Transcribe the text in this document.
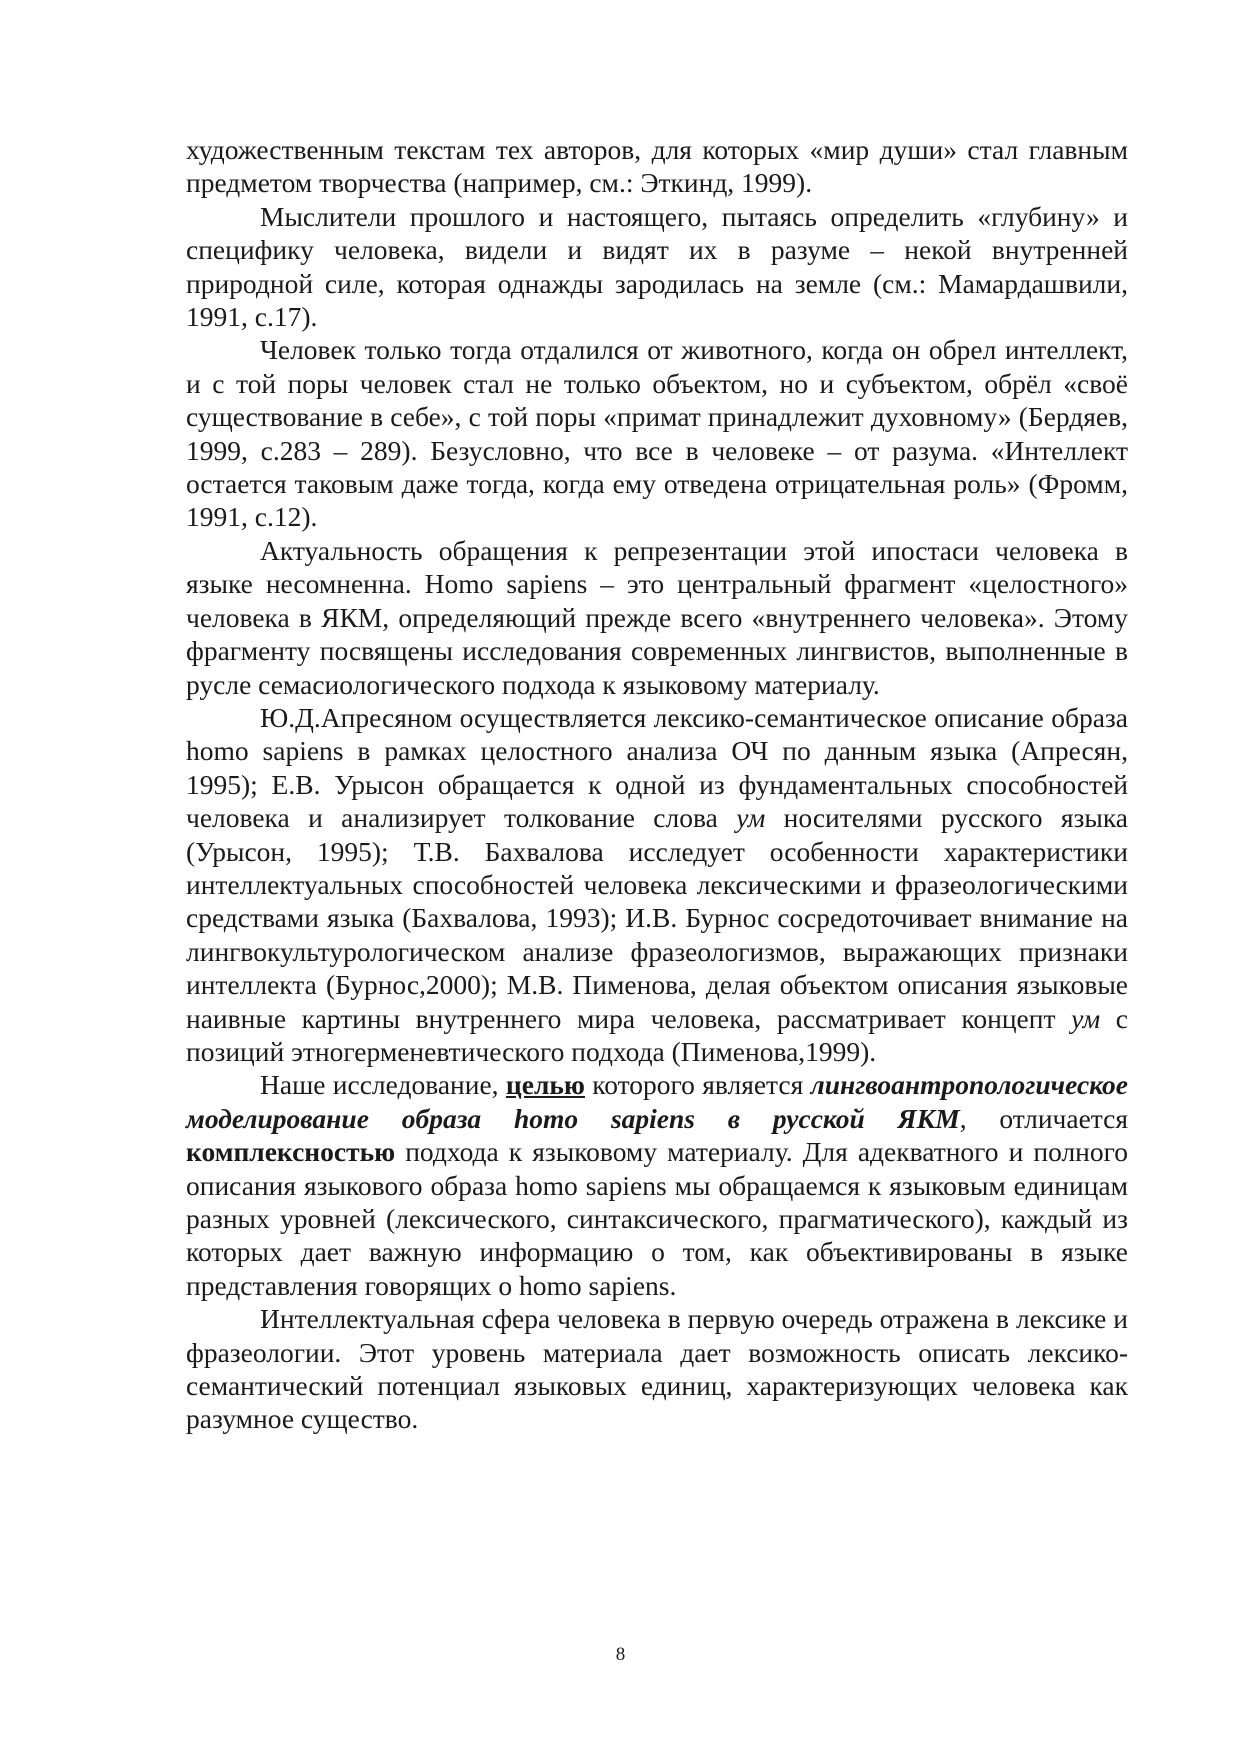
художественным текстам тех авторов, для которых «мир души» стал главным предметом творчества (например, см.: Эткинд, 1999).

Мыслители прошлого и настоящего, пытаясь определить «глубину» и специфику человека, видели и видят их в разуме – некой внутренней природной силе, которая однажды зародилась на земле (см.: Мамардашвили, 1991, с.17).

Человек только тогда отдалился от животного, когда он обрел интеллект, и с той поры человек стал не только объектом, но и субъектом, обрёл «своё существование в себе», с той поры «примат принадлежит духовному» (Бердяев, 1999, с.283 – 289). Безусловно, что все в человеке – от разума. «Интеллект остается таковым даже тогда, когда ему отведена отрицательная роль» (Фромм, 1991, с.12).

Актуальность обращения к репрезентации этой ипостаси человека в языке несомненна. Homo sapiens – это центральный фрагмент «целостного» человека в ЯКМ, определяющий прежде всего «внутреннего человека». Этому фрагменту посвящены исследования современных лингвистов, выполненные в русле семасиологического подхода к языковому материалу.

Ю.Д.Апресяном осуществляется лексико-семантическое описание образа homo sapiens в рамках целостного анализа ОЧ по данным языка (Апресян, 1995); Е.В. Урысон обращается к одной из фундаментальных способностей человека и анализирует толкование слова ум носителями русского языка (Урысон, 1995); Т.В. Бахвалова исследует особенности характеристики интеллектуальных способностей человека лексическими и фразеологическими средствами языка (Бахвалова, 1993); И.В. Бурнос сосредоточивает внимание на лингвокультурологическом анализе фразеологизмов, выражающих признаки интеллекта (Бурнос,2000); М.В. Пименова, делая объектом описания языковые наивные картины внутреннего мира человека, рассматривает концепт ум с позиций этногерменевтического подхода (Пименова,1999).

Наше исследование, целью которого является лингвоантропологическое моделирование образа homo sapiens в русской ЯКМ, отличается комплексностью подхода к языковому материалу. Для адекватного и полного описания языкового образа homo sapiens мы обращаемся к языковым единицам разных уровней (лексического, синтаксического, прагматического), каждый из которых дает важную информацию о том, как объективированы в языке представления говорящих о homo sapiens.

Интеллектуальная сфера человека в первую очередь отражена в лексике и фразеологии. Этот уровень материала дает возможность описать лексико-семантический потенциал языковых единиц, характеризующих человека как разумное существо.

8
